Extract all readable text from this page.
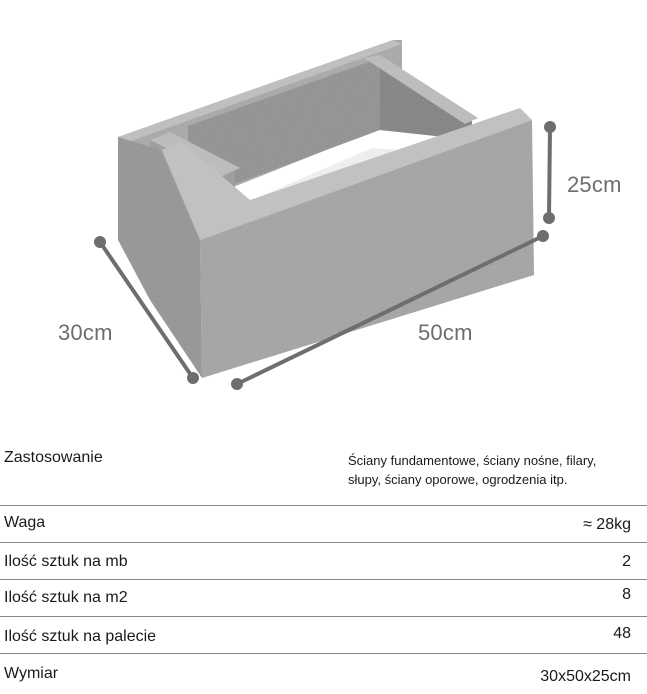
25cm
30cm	50cm
Zastosowanie	Ściany fundamentowe, ściany nośne, filary,
słupy, ściany oporowe, ogrodzenia itp.
Waga	≈ 28kg
Ilość sztuk na mb	2
Ilość sztuk na m2	8
Ilość sztuk na palecie	48
Wymiar	30x50x25cm
